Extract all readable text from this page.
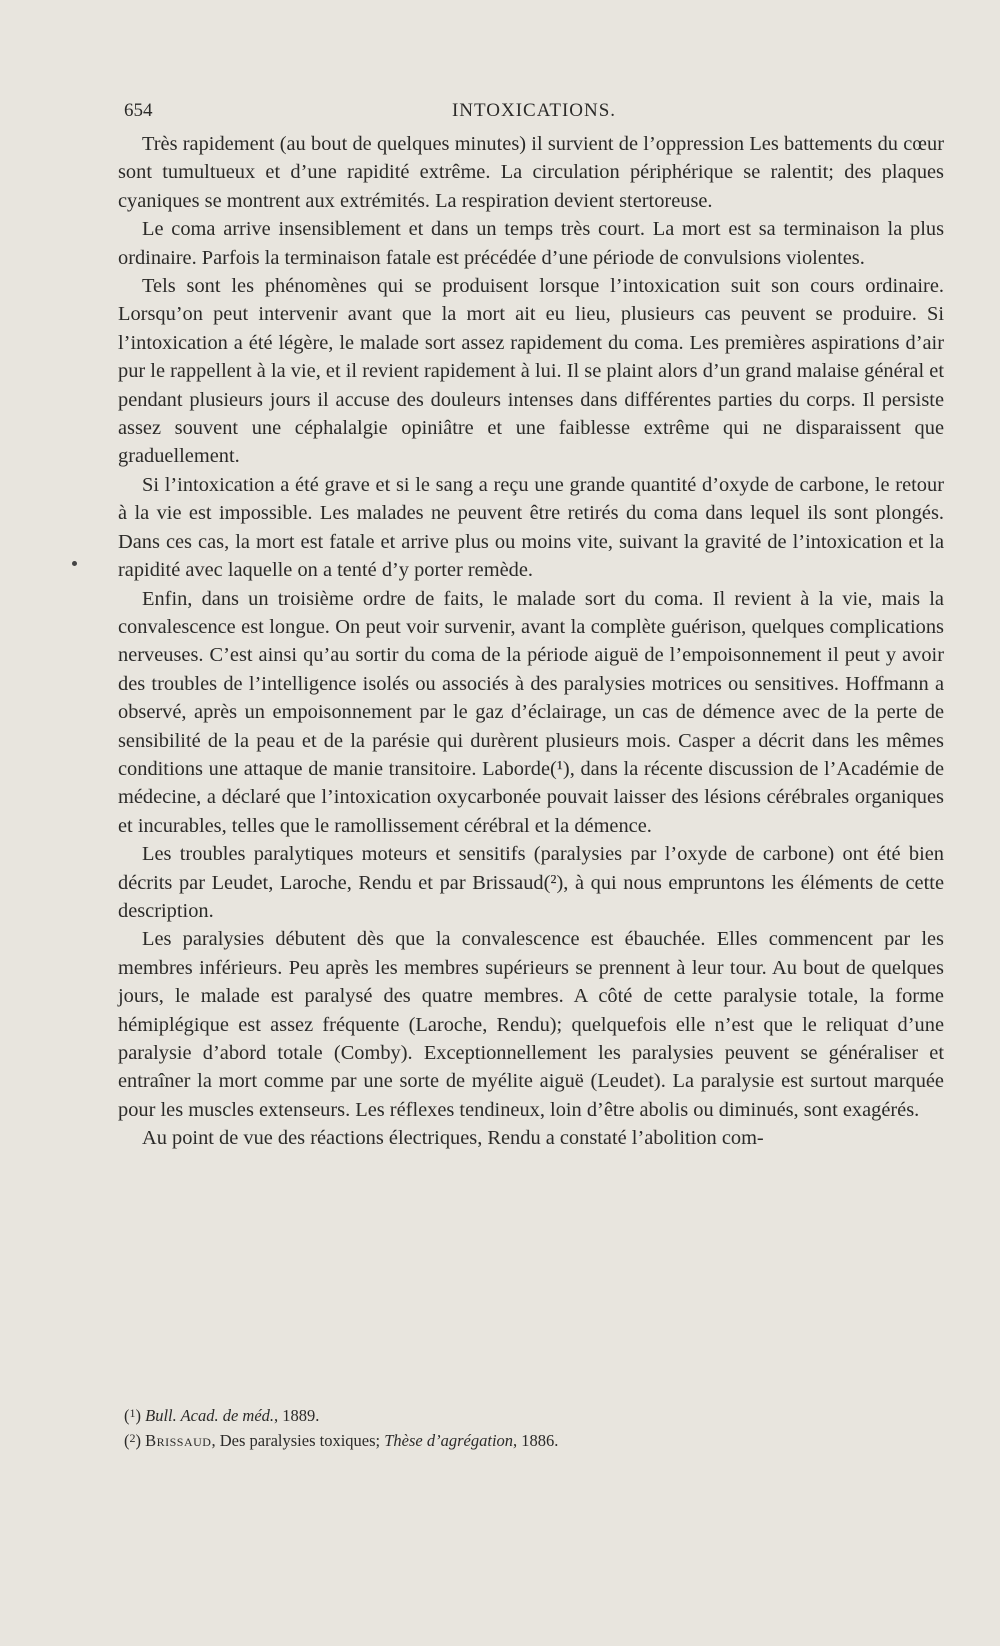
654	INTOXICATIONS.

Très rapidement (au bout de quelques minutes) il survient de l’oppression Les battements du cœur sont tumultueux et d’une rapidité extrême. La circulation périphérique se ralentit; des plaques cyaniques se montrent aux extrémités. La respiration devient stertoreuse.

Le coma arrive insensiblement et dans un temps très court. La mort est sa terminaison la plus ordinaire. Parfois la terminaison fatale est précédée d’une période de convulsions violentes.

Tels sont les phénomènes qui se produisent lorsque l’intoxication suit son cours ordinaire. Lorsqu’on peut intervenir avant que la mort ait eu lieu, plusieurs cas peuvent se produire. Si l’intoxication a été légère, le malade sort assez rapidement du coma. Les premières aspirations d’air pur le rappellent à la vie, et il revient rapidement à lui. Il se plaint alors d’un grand malaise général et pendant plusieurs jours il accuse des douleurs intenses dans différentes parties du corps. Il persiste assez souvent une céphalalgie opiniâtre et une faiblesse extrême qui ne disparaissent que graduellement.

Si l’intoxication a été grave et si le sang a reçu une grande quantité d’oxyde de carbone, le retour à la vie est impossible. Les malades ne peuvent être retirés du coma dans lequel ils sont plongés. Dans ces cas, la mort est fatale et arrive plus ou moins vite, suivant la gravité de l’intoxication et la rapidité avec laquelle on a tenté d’y porter remède.

Enfin, dans un troisième ordre de faits, le malade sort du coma. Il revient à la vie, mais la convalescence est longue. On peut voir survenir, avant la complète guérison, quelques complications nerveuses. C’est ainsi qu’au sortir du coma de la période aiguë de l’empoisonnement il peut y avoir des troubles de l’intelligence isolés ou associés à des paralysies motrices ou sensitives. Hoffmann a observé, après un empoisonnement par le gaz d’éclairage, un cas de démence avec de la perte de sensibilité de la peau et de la parésie qui durèrent plusieurs mois. Casper a décrit dans les mêmes conditions une attaque de manie transitoire. Laborde(¹), dans la récente discussion de l’Académie de médecine, a déclaré que l’intoxication oxycarbonée pouvait laisser des lésions cérébrales organiques et incurables, telles que le ramollissement cérébral et la démence.

Les troubles paralytiques moteurs et sensitifs (paralysies par l’oxyde de carbone) ont été bien décrits par Leudet, Laroche, Rendu et par Brissaud(²), à qui nous empruntons les éléments de cette description.

Les paralysies débutent dès que la convalescence est ébauchée. Elles commencent par les membres inférieurs. Peu après les membres supérieurs se prennent à leur tour. Au bout de quelques jours, le malade est paralysé des quatre membres. A côté de cette paralysie totale, la forme hémiplégique est assez fréquente (Laroche, Rendu); quelquefois elle n’est que le reliquat d’une paralysie d’abord totale (Comby). Exceptionnellement les paralysies peuvent se généraliser et entraîner la mort comme par une sorte de myélite aiguë (Leudet). La paralysie est surtout marquée pour les muscles extenseurs. Les réflexes tendineux, loin d’être abolis ou diminués, sont exagérés.

Au point de vue des réactions électriques, Rendu a constaté l’abolition com-

($^1$) Bull. Acad. de méd., 1889.

($^2$) Brissaud, Des paralysies toxiques; Thèse d’agrégation, 1886.
